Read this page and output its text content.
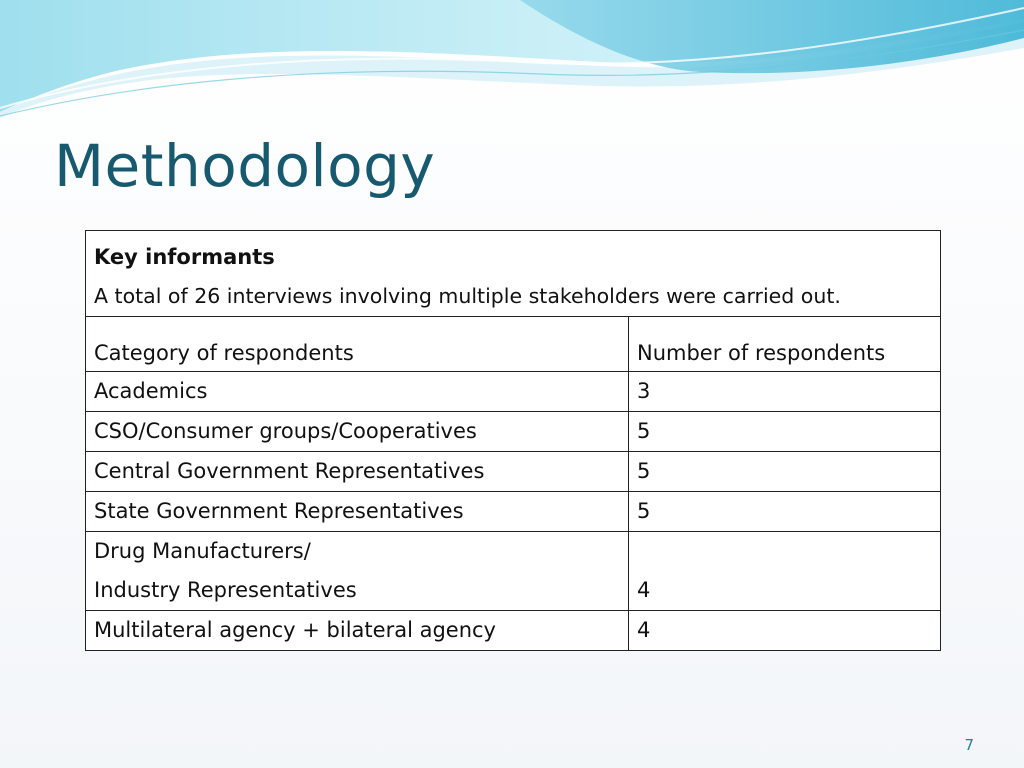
Methodology
Key informants
A total of 26 interviews involving multiple stakeholders were carried out.	

Category of respondents	Number of respondents
Academics	3
CSO/Consumer groups/Cooperatives	5
Central Government Representatives	5
State Government Representatives	5

Drug Manufacturers/
Industry Representatives	4
Multilateral agency + bilateral agency	4
7
